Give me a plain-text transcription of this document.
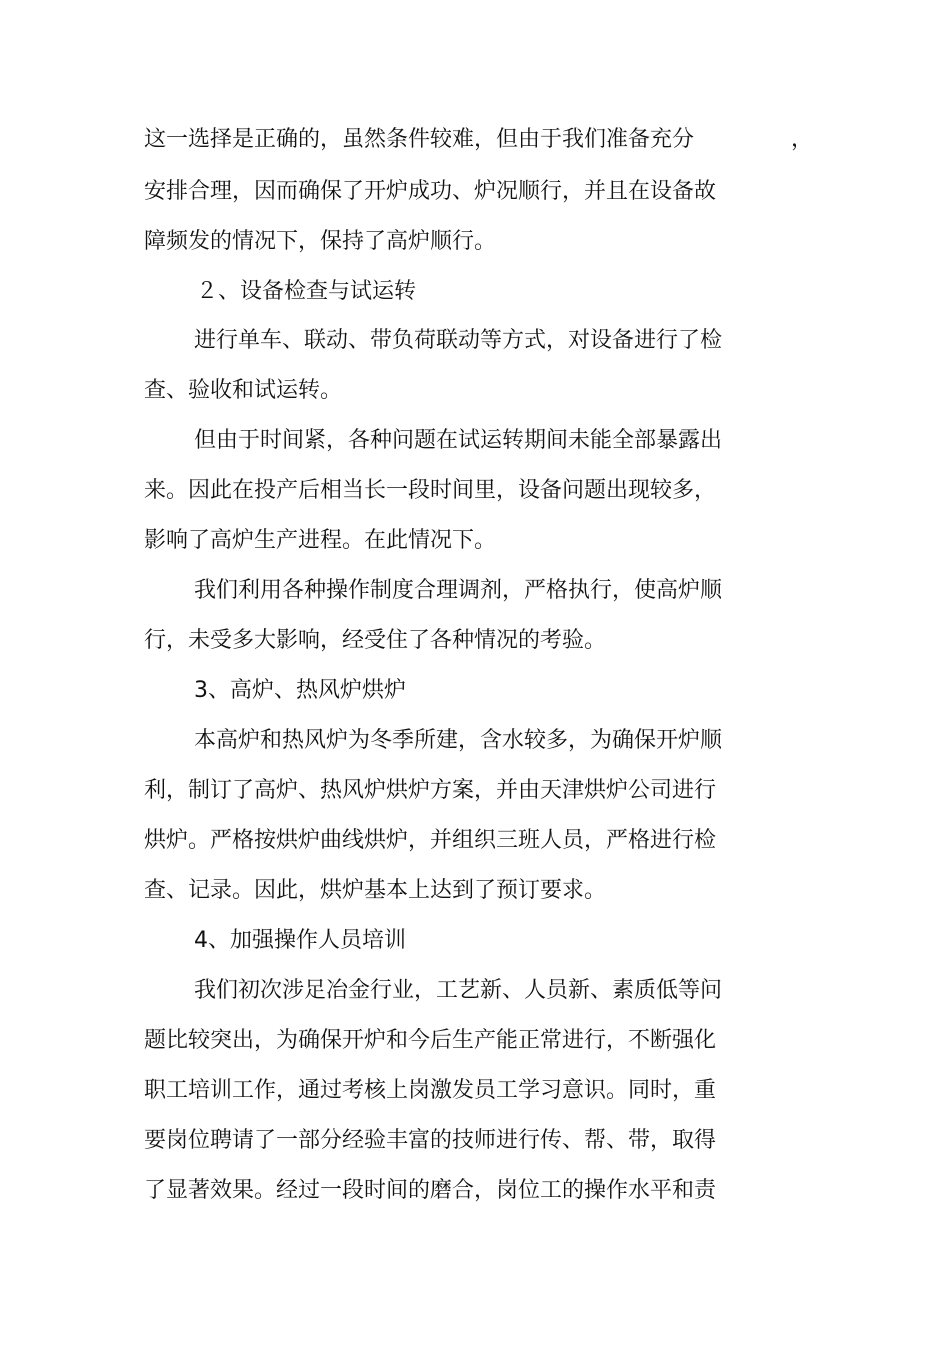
这一选择是正确的，虽然条件较难，但由于我们准备充分	，
安排合理，因而确保了开炉成功、炉况顺行，并且在设备故
障频发的情况下，保持了高炉顺行。
２、设备检查与试运转
进行单车、联动、带负荷联动等方式，对设备进行了检
查、验收和试运转。
但由于时间紧，各种问题在试运转期间未能全部暴露出
来。因此在投产后相当长一段时间里，设备问题出现较多，
影响了高炉生产进程。在此情况下。
我们利用各种操作制度合理调剂，严格执行，使高炉顺
行，未受多大影响，经受住了各种情况的考验。
3、高炉、热风炉烘炉
本高炉和热风炉为冬季所建，含水较多，为确保开炉顺
利，制订了高炉、热风炉烘炉方案，并由天津烘炉公司进行
烘炉。严格按烘炉曲线烘炉，并组织三班人员，严格进行检
查、记录。因此，烘炉基本上达到了预订要求。
4、加强操作人员培训
我们初次涉足冶金行业，工艺新、人员新、素质低等问
题比较突出，为确保开炉和今后生产能正常进行，不断强化
职工培训工作，通过考核上岗激发员工学习意识。同时，重
要岗位聘请了一部分经验丰富的技师进行传、帮、带，取得
了显著效果。经过一段时间的磨合，岗位工的操作水平和责
